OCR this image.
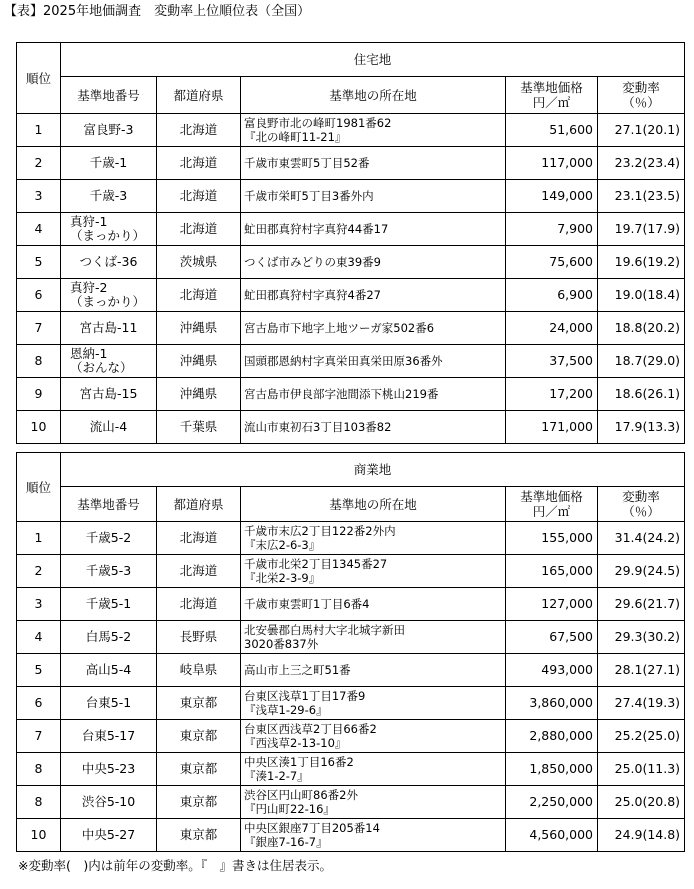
【表】2025年地価調査　変動率上位順位表（全国）
順位	住宅地				
	基準地番号	都道府県	基準地の所在地	基準地価格
円／㎡	変動率
（％）
1	富良野-3	北海道	富良野市北の峰町1981番62
『北の峰町11-21』	51,600	27.1(20.1)
2	千歳-1	北海道	千歳市東雲町5丁目52番	117,000	23.2(23.4)
3	千歳-3	北海道	千歳市栄町5丁目3番外内	149,000	23.1(23.5)
4	真狩-1
（まっかり）	北海道	虻田郡真狩村字真狩44番17	7,900	19.7(17.9)
5	つくば-36	茨城県	つくば市みどりの東39番9	75,600	19.6(19.2)
6	真狩-2
（まっかり）	北海道	虻田郡真狩村字真狩4番27	6,900	19.0(18.4)
7	宮古島-11	沖縄県	宮古島市下地字上地ツーガ家502番6	24,000	18.8(20.2)
8	恩納-1
（おんな）	沖縄県	国頭郡恩納村字真栄田真栄田原36番外	37,500	18.7(29.0)
9	宮古島-15	沖縄県	宮古島市伊良部字池間添下桃山219番	17,200	18.6(26.1)
10	流山-4	千葉県	流山市東初石3丁目103番82	171,000	17.9(13.3)
順位	商業地				
	基準地番号	都道府県	基準地の所在地	基準地価格
円／㎡	変動率
（％）
1	千歳5-2	北海道	千歳市末広2丁目122番2外内
『末広2-6-3』	155,000	31.4(24.2)
2	千歳5-3	北海道	千歳市北栄2丁目1345番27
『北栄2-3-9』	165,000	29.9(24.5)
3	千歳5-1	北海道	千歳市東雲町1丁目6番4	127,000	29.6(21.7)
4	白馬5-2	長野県	北安曇郡白馬村大字北城字新田
3020番837外	67,500	29.3(30.2)
5	高山5-4	岐阜県	高山市上三之町51番	493,000	28.1(27.1)
6	台東5-1	東京都	台東区浅草1丁目17番9
『浅草1-29-6』	3,860,000	27.4(19.3)
7	台東5-17	東京都	台東区西浅草2丁目66番2
『西浅草2-13-10』	2,880,000	25.2(25.0)
8	中央5-23	東京都	中央区湊1丁目16番2
『湊1-2-7』	1,850,000	25.0(11.3)
8	渋谷5-10	東京都	渋谷区円山町86番2外
『円山町22-16』	2,250,000	25.0(20.8)
10	中央5-27	東京都	中央区銀座7丁目205番14
『銀座7-16-7』	4,560,000	24.9(14.8)
※変動率(　)内は前年の変動率。『　』書きは住居表示。
